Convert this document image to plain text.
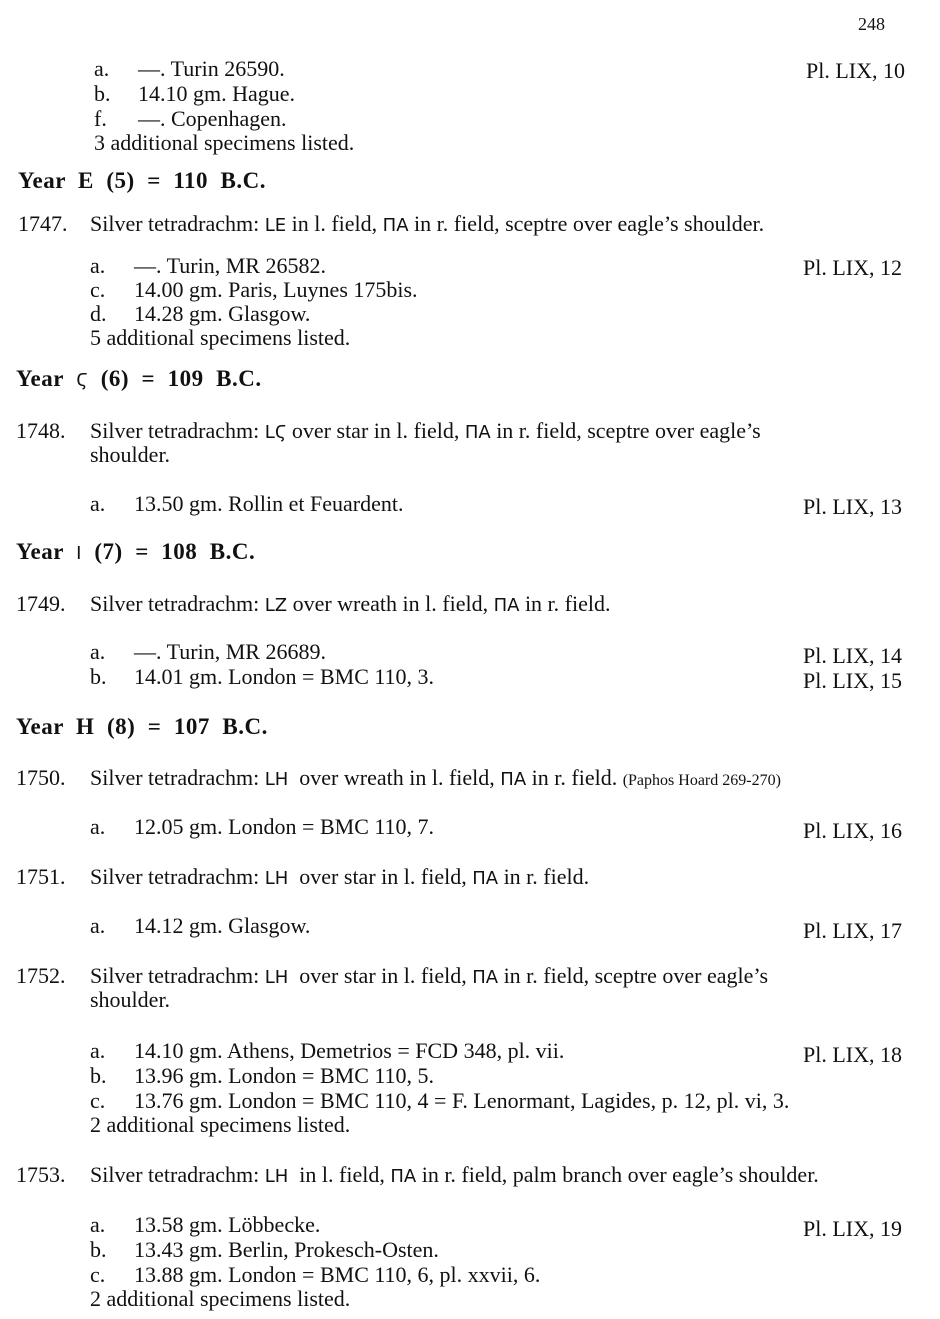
248
a. —. Turin 26590.	Pl. LIX, 10
b. 14.10 gm. Hague.
f. —. Copenhagen.
3 additional specimens listed.
Year  E  (5)  =  110  B.C.
1747. Silver tetradrachm: LE in l. field, ΠA in r. field, sceptre over eagle’s shoulder.
a. —. Turin, MR 26582.	Pl. LIX, 12
c. 14.00 gm. Paris, Luynes 175bis.
d. 14.28 gm. Glasgow.
5 additional specimens listed.
Year  Ϛ  (6)  =  109  B.C.
1748. Silver tetradrachm: LϚ over star in l. field, ΠA in r. field, sceptre over eagle’s
shoulder.
a. 13.50 gm. Rollin et Feuardent.	Pl. LIX, 13
Year  I  (7)  =  108  B.C.
1749. Silver tetradrachm: LZ over wreath in l. field, ΠA in r. field.
a. —. Turin, MR 26689.	Pl. LIX, 14
b. 14.01 gm. London = BMC 110, 3.	Pl. LIX, 15
Year  H  (8)  =  107  B.C.
1750. Silver tetradrachm: LH  over wreath in l. field, ΠA in r. field. (Paphos Hoard 269-270)
a. 12.05 gm. London = BMC 110, 7.	Pl. LIX, 16
1751. Silver tetradrachm: LH  over star in l. field, ΠA in r. field.
a. 14.12 gm. Glasgow.	Pl. LIX, 17
1752. Silver tetradrachm: LH  over star in l. field, ΠA in r. field, sceptre over eagle’s
shoulder.
a. 14.10 gm. Athens, Demetrios = FCD 348, pl. vii.	Pl. LIX, 18
b. 13.96 gm. London = BMC 110, 5.
c. 13.76 gm. London = BMC 110, 4 = F. Lenormant, Lagides, p. 12, pl. vi, 3.
2 additional specimens listed.
1753. Silver tetradrachm: LH  in l. field, ΠA in r. field, palm branch over eagle’s shoulder.
a. 13.58 gm. Löbbecke.	Pl. LIX, 19
b. 13.43 gm. Berlin, Prokesch-Osten.
c. 13.88 gm. London = BMC 110, 6, pl. xxvii, 6.
2 additional specimens listed.
